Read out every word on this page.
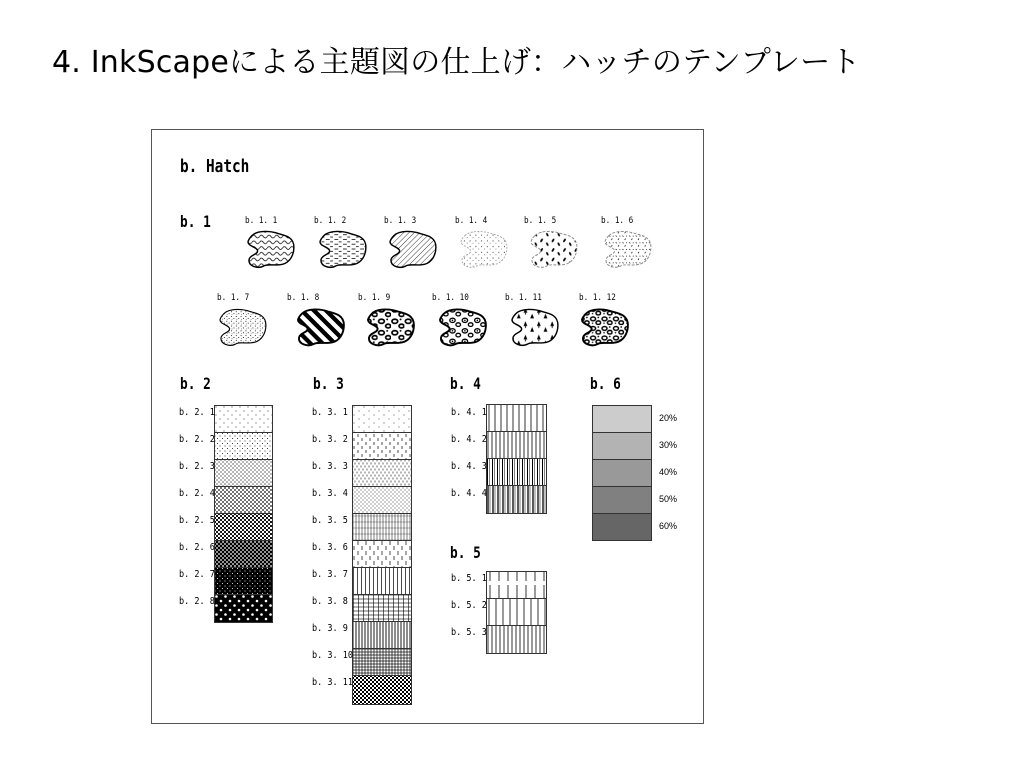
4. InkScapeによる主題図の仕上げ：ハッチのテンプレート
b. Hatch
b. 1	b. 1. 1	b. 1. 2	b. 1. 3	b. 1. 4	b. 1. 5	b. 1. 6
b. 1. 7	b. 1. 8	b. 1. 9	b. 1. 10	b. 1. 11	b. 1. 12
b. 2
b. 2. 1
b. 2. 2
b. 2. 3
b. 2. 4
b. 2. 5
b. 2. 6
b. 2. 7
b. 2. 8
b. 3
b. 3. 1
b. 3. 2
b. 3. 3
b. 3. 4
b. 3. 5
b. 3. 6
b. 3. 7
b. 3. 8
b. 3. 9
b. 3. 10
b. 3. 11
b. 4
b. 4. 1
b. 4. 2
b. 4. 3
b. 4. 4
b. 5
b. 5. 1
b. 5. 2
b. 5. 3
b. 6
20%
30%
40%
50%
60%
